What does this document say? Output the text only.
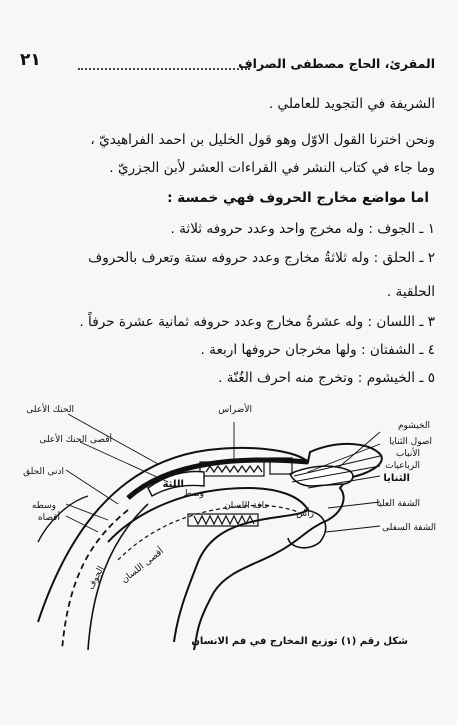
المقرئ، الحاج مصطفى الصراف
٢١
الشريفة في التجويد للعاملي .
ونحن اخترنا القول الاوّل وهو قول الخليل بن احمد الفراهيديّ ،
وما جاء في كتاب النشر في القراءات العشر لأبن الجزريّ .
اما مواضع مخارج الحروف فهي خمسة :
١ ـ الجوف : وله مخرج واحد وعدد حروفه ثلاثة .
٢ ـ الحلق : وله ثلاثةُ مخارج وعدد حروفه ستة وتعرف بالحروف
الحلقية .
٣ ـ اللسان : وله عشرةُ مخارج وعدد حروفه ثمانية عشرة حرفاً .
٤ ـ الشفتان : ولها مخرجان حروفها اربعة .
٥ ـ الخيشوم : وتخرج منه احرف الغُنّة .
الحنك الأعلى
أقصى الحنك الأعلى
الأضراس
الخيشوم
اصول الثنايا
الأنياب
الرباعيات
الثنايا
الشفة العليا
الشفة السفلى
اللثة
ادنى الحلق
وسطه
أقصاه
الجوف أقصى اللسان
حافة اللسان
رأس
وسط
شكل رقم (١) توزيع المخارج في فم الانسان
